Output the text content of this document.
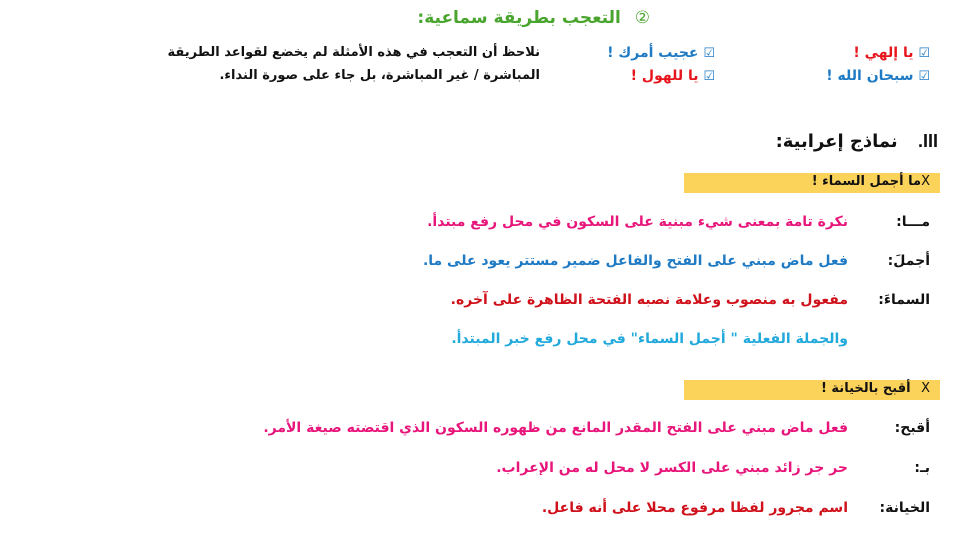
② التعجب بطريقة سماعية:
☑ يا إلهي !
☑ عجيب أمرك !
☑ سبحان الله !
☑ يا للهول !
نلاحظ أن التعجب في هذه الأمثلة لم يخضع لقواعد الطريقة
المباشرة / غير المباشرة، بل جاء على صورة النداء.
III. نماذج إعرابية:
Xما أجمل السماء !
مـــا:
نكرة تامة بمعنى شيء مبنية على السكون في محل رفع مبتدأ.
أجملَ:
فعل ماض مبني على الفتح والفاعل ضمير مستتر يعود على ما.
السماءَ:
مفعول به منصوب وعلامة نصبه الفتحة الظاهرة على آخره.
والجملة الفعلية " أجمل السماء" في محل رفع خبر المبتدأ.
X أقبح بالخيانة !
أقبح:
فعل ماض مبني على الفتح المقدر المانع من ظهوره السكون الذي اقتضته صيغة الأمر.
بـ:
حر جر زائد مبني على الكسر لا محل له من الإعراب.
الخيانة:
اسم مجرور لفظا مرفوع محلا على أنه فاعل.
